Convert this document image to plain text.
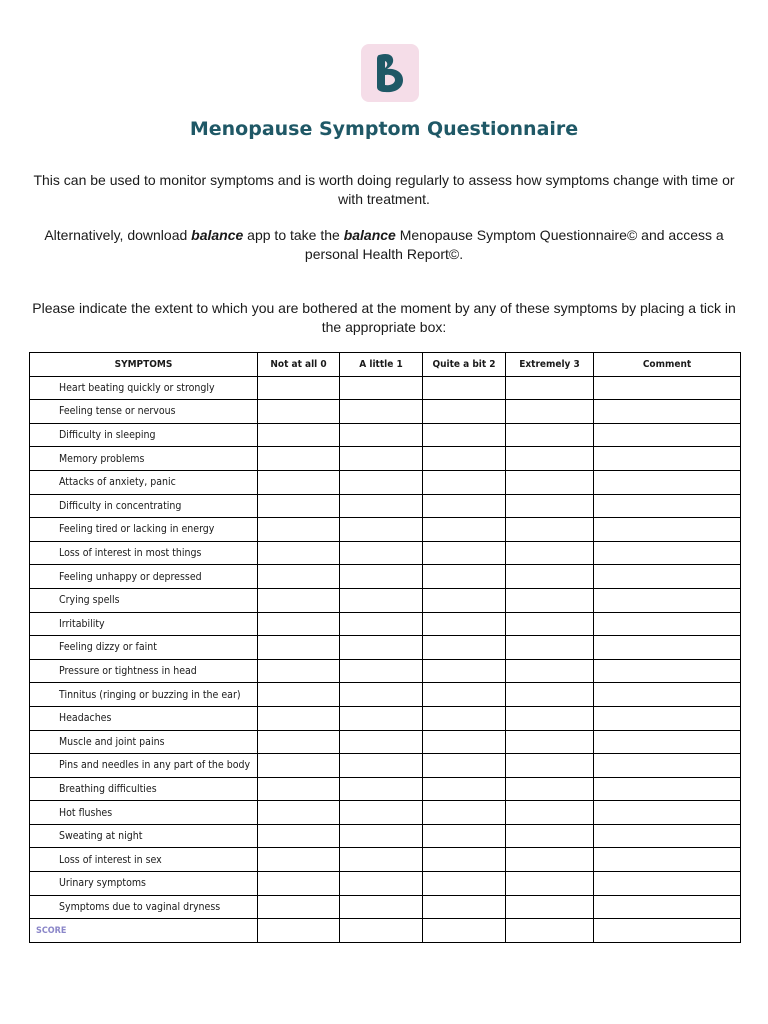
Menopause Symptom Questionnaire
This can be used to monitor symptoms and is worth doing regularly to assess how symptoms change with time or with treatment.
Alternatively, download balance app to take the balance Menopause Symptom Questionnaire© and access a personal Health Report©.
Please indicate the extent to which you are bothered at the moment by any of these symptoms by placing a tick in the appropriate box:
SYMPTOMS	Not at all 0	A little 1	Quite a bit 2	Extremely 3	Comment
Heart beating quickly or strongly					
Feeling tense or nervous					
Difficulty in sleeping					
Memory problems					
Attacks of anxiety, panic					
Difficulty in concentrating					
Feeling tired or lacking in energy					
Loss of interest in most things					
Feeling unhappy or depressed					
Crying spells					
Irritability					
Feeling dizzy or faint					
Pressure or tightness in head					
Tinnitus (ringing or buzzing in the ear)					
Headaches					
Muscle and joint pains					
Pins and needles in any part of the body					
Breathing difficulties					
Hot flushes					
Sweating at night					
Loss of interest in sex					
Urinary symptoms					
Symptoms due to vaginal dryness					
SCORE					
